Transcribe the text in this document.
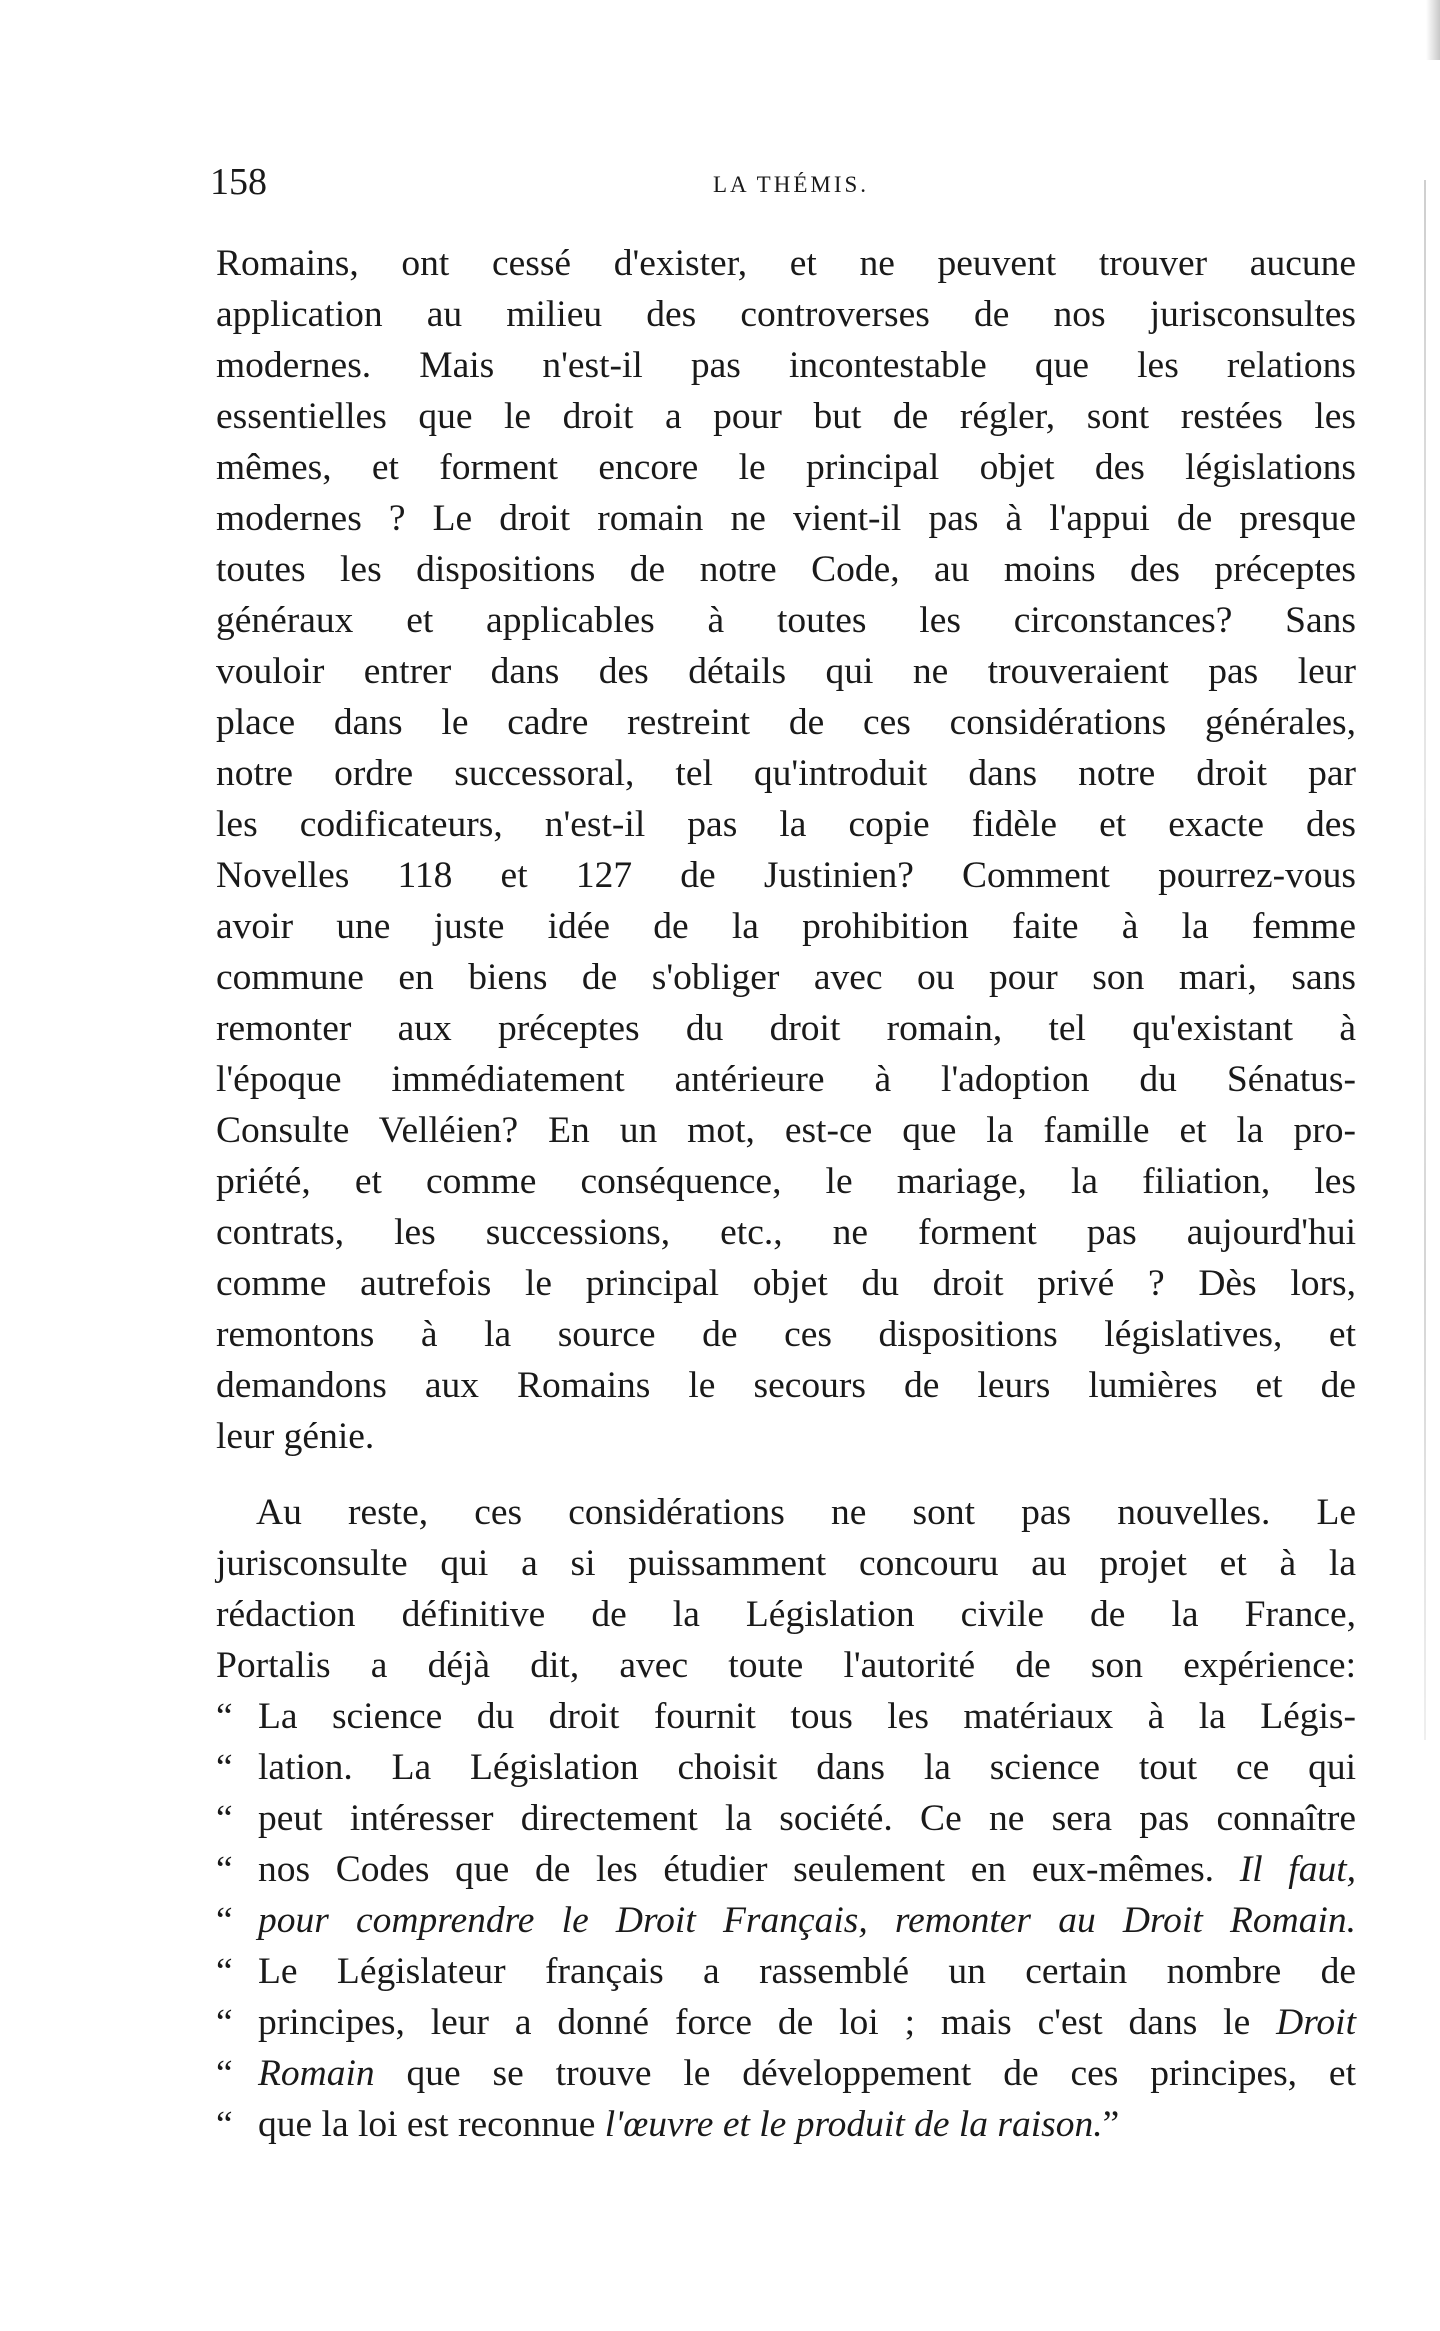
158	LA THÉMIS.
Romains, ont cessé d'exister, et ne peuvent trouver aucune
application au milieu des controverses de nos jurisconsultes
modernes. Mais n'est-il pas incontestable que les relations
essentielles que le droit a pour but de régler, sont restées les
mêmes, et forment encore le principal objet des législations
modernes ? Le droit romain ne vient-il pas à l'appui de presque
toutes les dispositions de notre Code, au moins des préceptes
généraux et applicables à toutes les circonstances? Sans
vouloir entrer dans des détails qui ne trouveraient pas leur
place dans le cadre restreint de ces considérations générales,
notre ordre successoral, tel qu'introduit dans notre droit par
les codificateurs, n'est-il pas la copie fidèle et exacte des
Novelles 118 et 127 de Justinien? Comment pourrez-vous
avoir une juste idée de la prohibition faite à la femme
commune en biens de s'obliger avec ou pour son mari, sans
remonter aux préceptes du droit romain, tel qu'existant à
l'époque immédiatement antérieure à l'adoption du Sénatus-
Consulte Velléien? En un mot, est-ce que la famille et la pro-
priété, et comme conséquence, le mariage, la filiation, les
contrats, les successions, etc., ne forment pas aujourd'hui
comme autrefois le principal objet du droit privé ? Dès lors,
remontons à la source de ces dispositions législatives, et
demandons aux Romains le secours de leurs lumières et de
leur génie.
Au reste, ces considérations ne sont pas nouvelles. Le
jurisconsulte qui a si puissamment concouru au projet et à la
rédaction définitive de la Législation civile de la France,
Portalis a déjà dit, avec toute l'autorité de son expérience:
“ La science du droit fournit tous les matériaux à la Légis-
“ lation. La Législation choisit dans la science tout ce qui
“ peut intéresser directement la société. Ce ne sera pas connaître
“ nos Codes que de les étudier seulement en eux-mêmes. Il faut,
“ pour comprendre le Droit Français, remonter au Droit Romain.
“ Le Législateur français a rassemblé un certain nombre de
“ principes, leur a donné force de loi ; mais c'est dans le Droit
“ Romain que se trouve le développement de ces principes, et
“ que la loi est reconnue l'œuvre et le produit de la raison.”
